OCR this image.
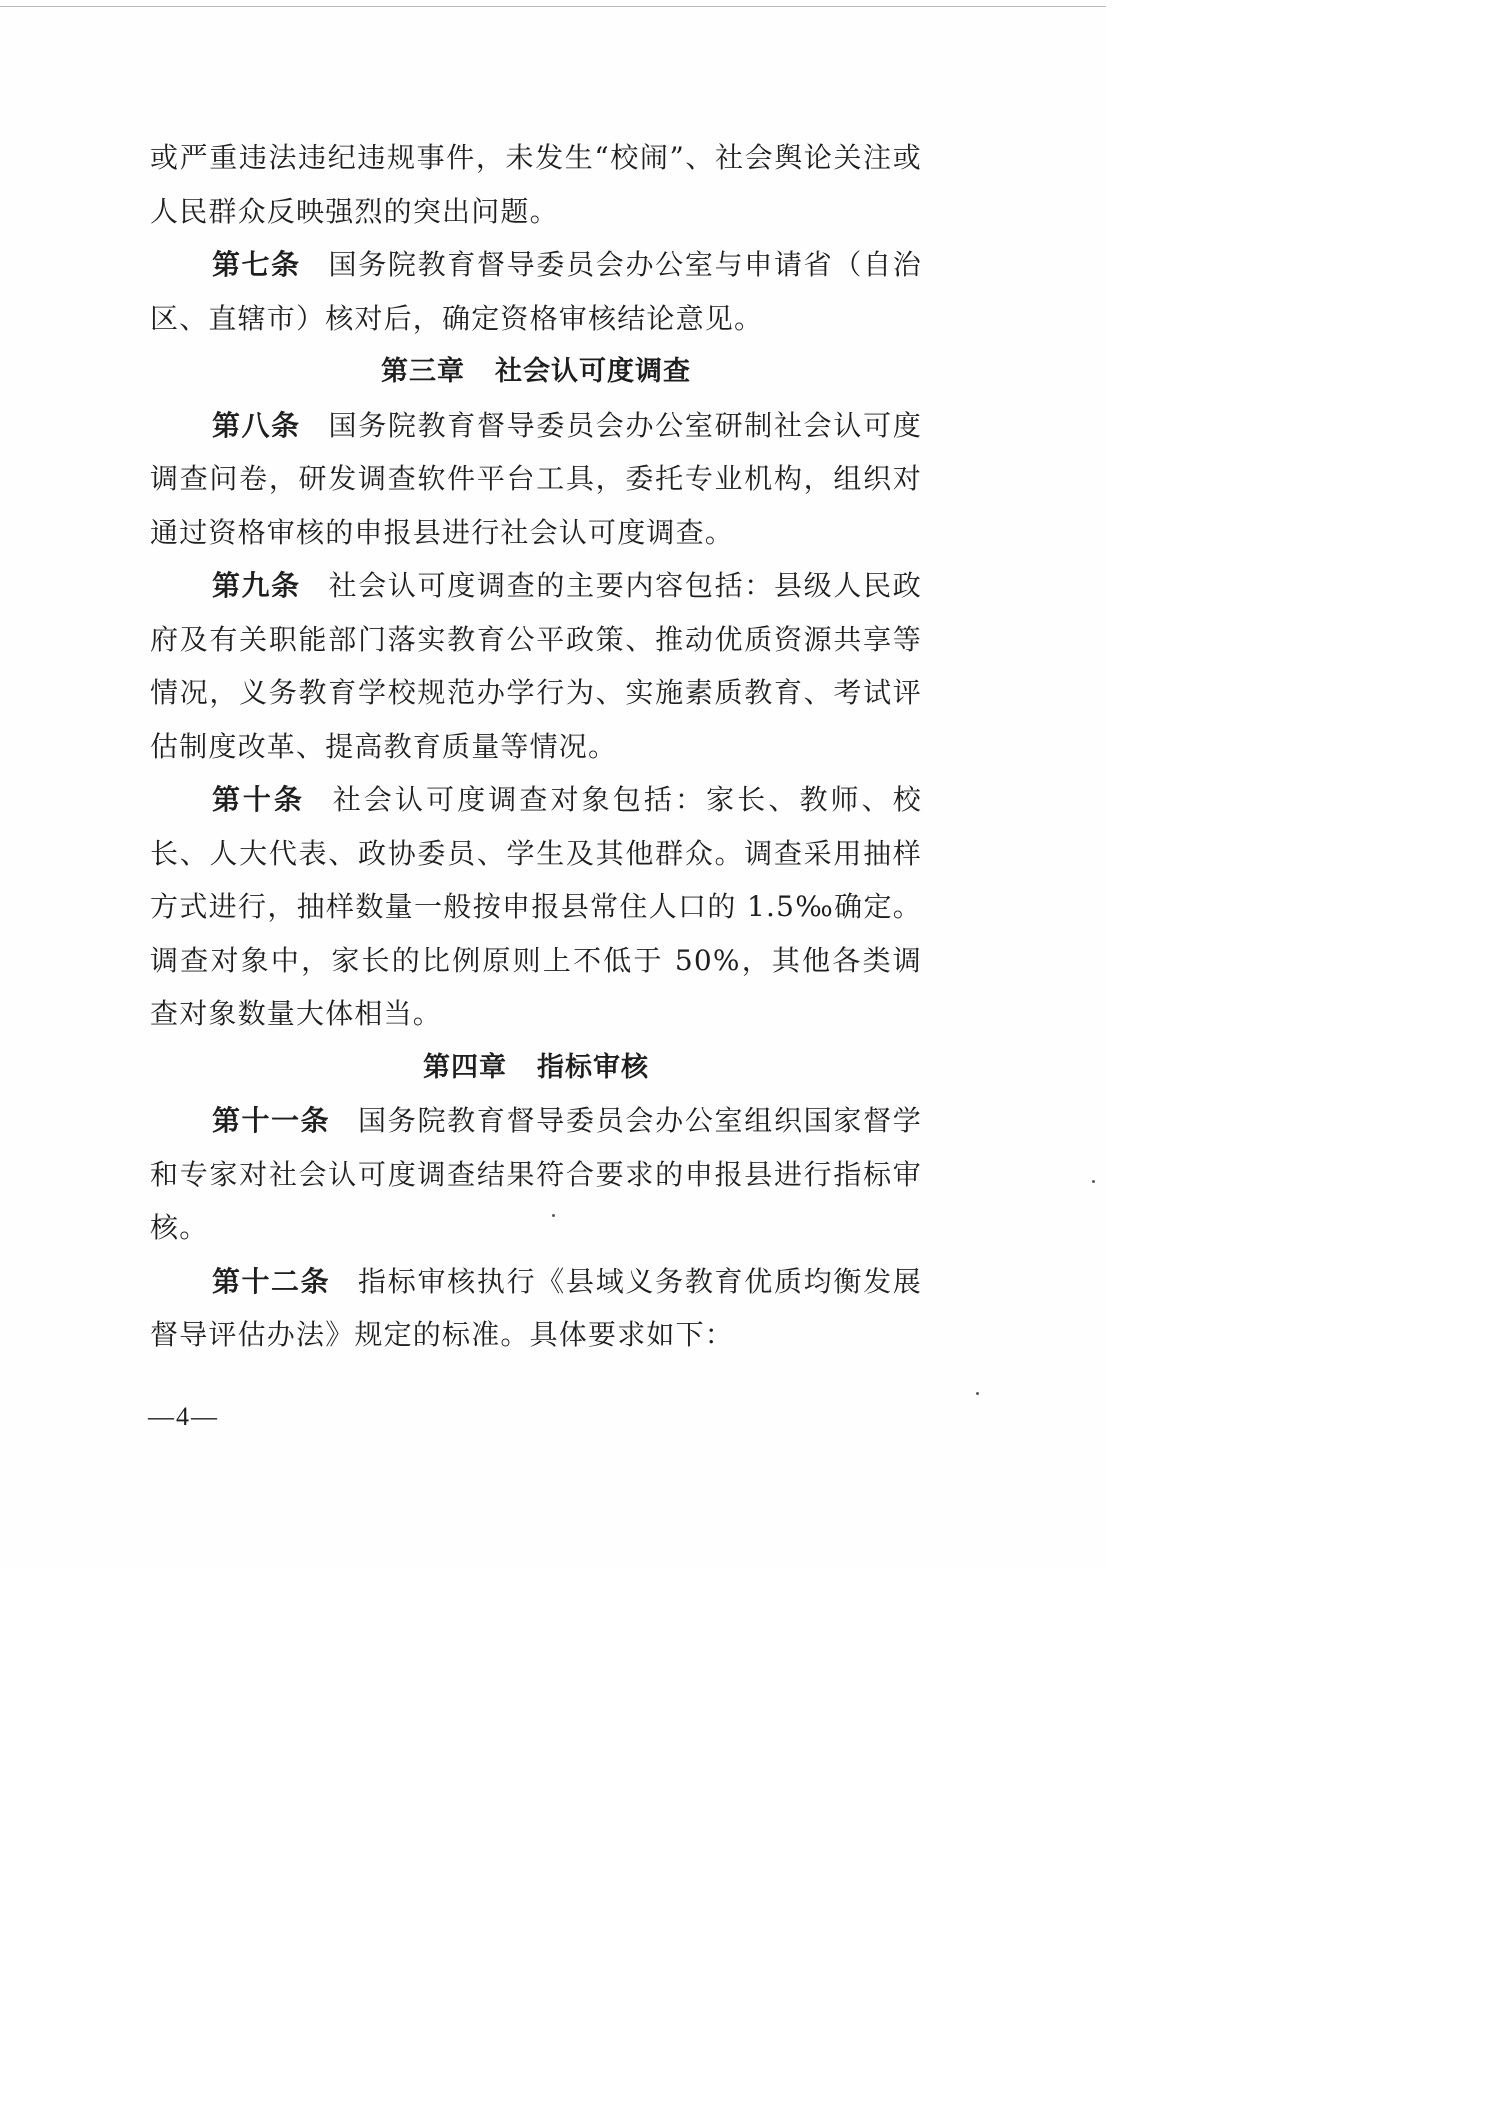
或严重违法违纪违规事件，未发生“校闹”、社会舆论关注或人民群众反映强烈的突出问题。

第七条 国务院教育督导委员会办公室与申请省（自治区、直辖市）核对后，确定资格审核结论意见。

第三章 社会认可度调查

第八条 国务院教育督导委员会办公室研制社会认可度调查问卷，研发调查软件平台工具，委托专业机构，组织对通过资格审核的申报县进行社会认可度调查。

第九条 社会认可度调查的主要内容包括：县级人民政府及有关职能部门落实教育公平政策、推动优质资源共享等情况，义务教育学校规范办学行为、实施素质教育、考试评估制度改革、提高教育质量等情况。

第十条 社会认可度调查对象包括：家长、教师、校长、人大代表、政协委员、学生及其他群众。调查采用抽样方式进行，抽样数量一般按申报县常住人口的 1.5‰确定。调查对象中，家长的比例原则上不低于 50%，其他各类调查对象数量大体相当。

第四章 指标审核

第十一条 国务院教育督导委员会办公室组织国家督学和专家对社会认可度调查结果符合要求的申报县进行指标审核。

第十二条 指标审核执行《县域义务教育优质均衡发展督导评估办法》规定的标准。具体要求如下：

—4—
